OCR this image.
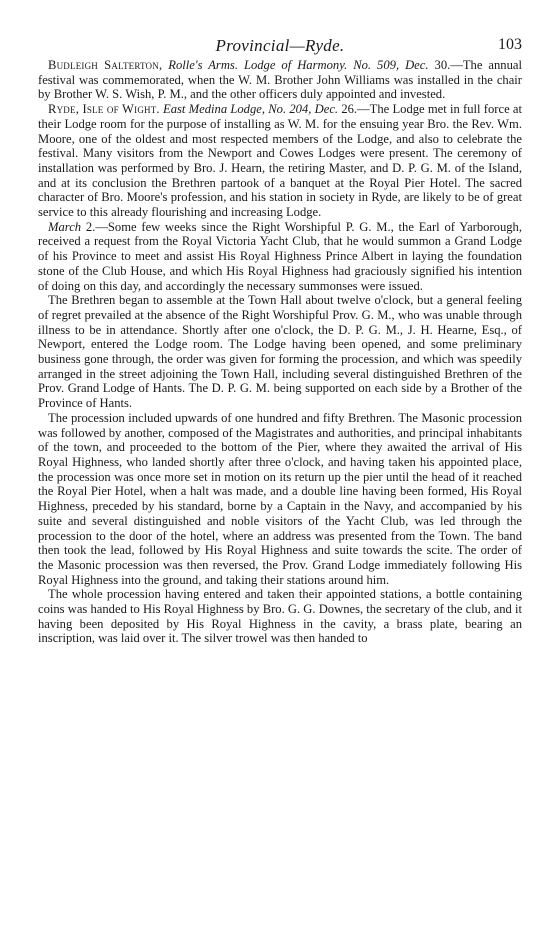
Provincial—Ryde.	103

Budleigh Salterton, Rolle's Arms. Lodge of Harmony. No. 509, Dec. 30.—The annual festival was commemorated, when the W. M. Brother John Williams was installed in the chair by Brother W. S. Wish, P. M., and the other officers duly appointed and invested.

Ryde, Isle of Wight. East Medina Lodge, No. 204, Dec. 26.—The Lodge met in full force at their Lodge room for the purpose of installing as W. M. for the ensuing year Bro. the Rev. Wm. Moore, one of the oldest and most respected members of the Lodge, and also to celebrate the festival. Many visitors from the Newport and Cowes Lodges were present. The ceremony of installation was performed by Bro. J. Hearn, the retiring Master, and D. P. G. M. of the Island, and at its conclusion the Brethren partook of a banquet at the Royal Pier Hotel. The sacred character of Bro. Moore's profession, and his station in society in Ryde, are likely to be of great service to this already flourishing and increasing Lodge.

March 2.—Some few weeks since the Right Worshipful P. G. M., the Earl of Yarborough, received a request from the Royal Victoria Yacht Club, that he would summon a Grand Lodge of his Province to meet and assist His Royal Highness Prince Albert in laying the foundation stone of the Club House, and which His Royal Highness had graciously signified his intention of doing on this day, and accordingly the necessary summonses were issued.

The Brethren began to assemble at the Town Hall about twelve o'clock, but a general feeling of regret prevailed at the absence of the Right Worshipful Prov. G. M., who was unable through illness to be in attendance. Shortly after one o'clock, the D. P. G. M., J. H. Hearne, Esq., of Newport, entered the Lodge room. The Lodge having been opened, and some preliminary business gone through, the order was given for forming the procession, and which was speedily arranged in the street adjoining the Town Hall, including several distinguished Brethren of the Prov. Grand Lodge of Hants. The D. P. G. M. being supported on each side by a Brother of the Province of Hants.

The procession included upwards of one hundred and fifty Brethren. The Masonic procession was followed by another, composed of the Magistrates and authorities, and principal inhabitants of the town, and proceeded to the bottom of the Pier, where they awaited the arrival of His Royal Highness, who landed shortly after three o'clock, and having taken his appointed place, the procession was once more set in motion on its return up the pier until the head of it reached the Royal Pier Hotel, when a halt was made, and a double line having been formed, His Royal Highness, preceded by his standard, borne by a Captain in the Navy, and accompanied by his suite and several distinguished and noble visitors of the Yacht Club, was led through the procession to the door of the hotel, where an address was presented from the Town. The band then took the lead, followed by His Royal Highness and suite towards the scite. The order of the Masonic procession was then reversed, the Prov. Grand Lodge immediately following His Royal Highness into the ground, and taking their stations around him.

The whole procession having entered and taken their appointed stations, a bottle containing coins was handed to His Royal Highness by Bro. G. G. Downes, the secretary of the club, and it having been deposited by His Royal Highness in the cavity, a brass plate, bearing an inscription, was laid over it. The silver trowel was then handed to
